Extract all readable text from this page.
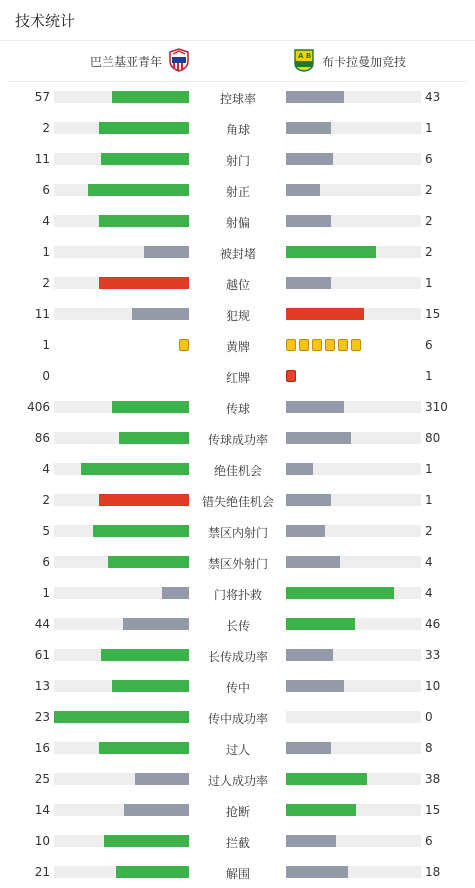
技术统计
巴兰基亚青年	A B 布卡拉曼加竞技
57	控球率	43
2	角球	1
11	射门	6
6	射正	2
4	射偏	2
1	被封堵	2
2	越位	1
11	犯规	15
1	黄牌	6
0	红牌	1
406	传球	310
86	传球成功率	80
4	绝佳机会	1
2	错失绝佳机会	1
5	禁区内射门	2
6	禁区外射门	4
1	门将扑救	4
44	长传	46
61	长传成功率	33
13	传中	10
23	传中成功率	0
16	过人	8
25	过人成功率	38
14	抢断	15
10	拦截	6
21	解围	18
